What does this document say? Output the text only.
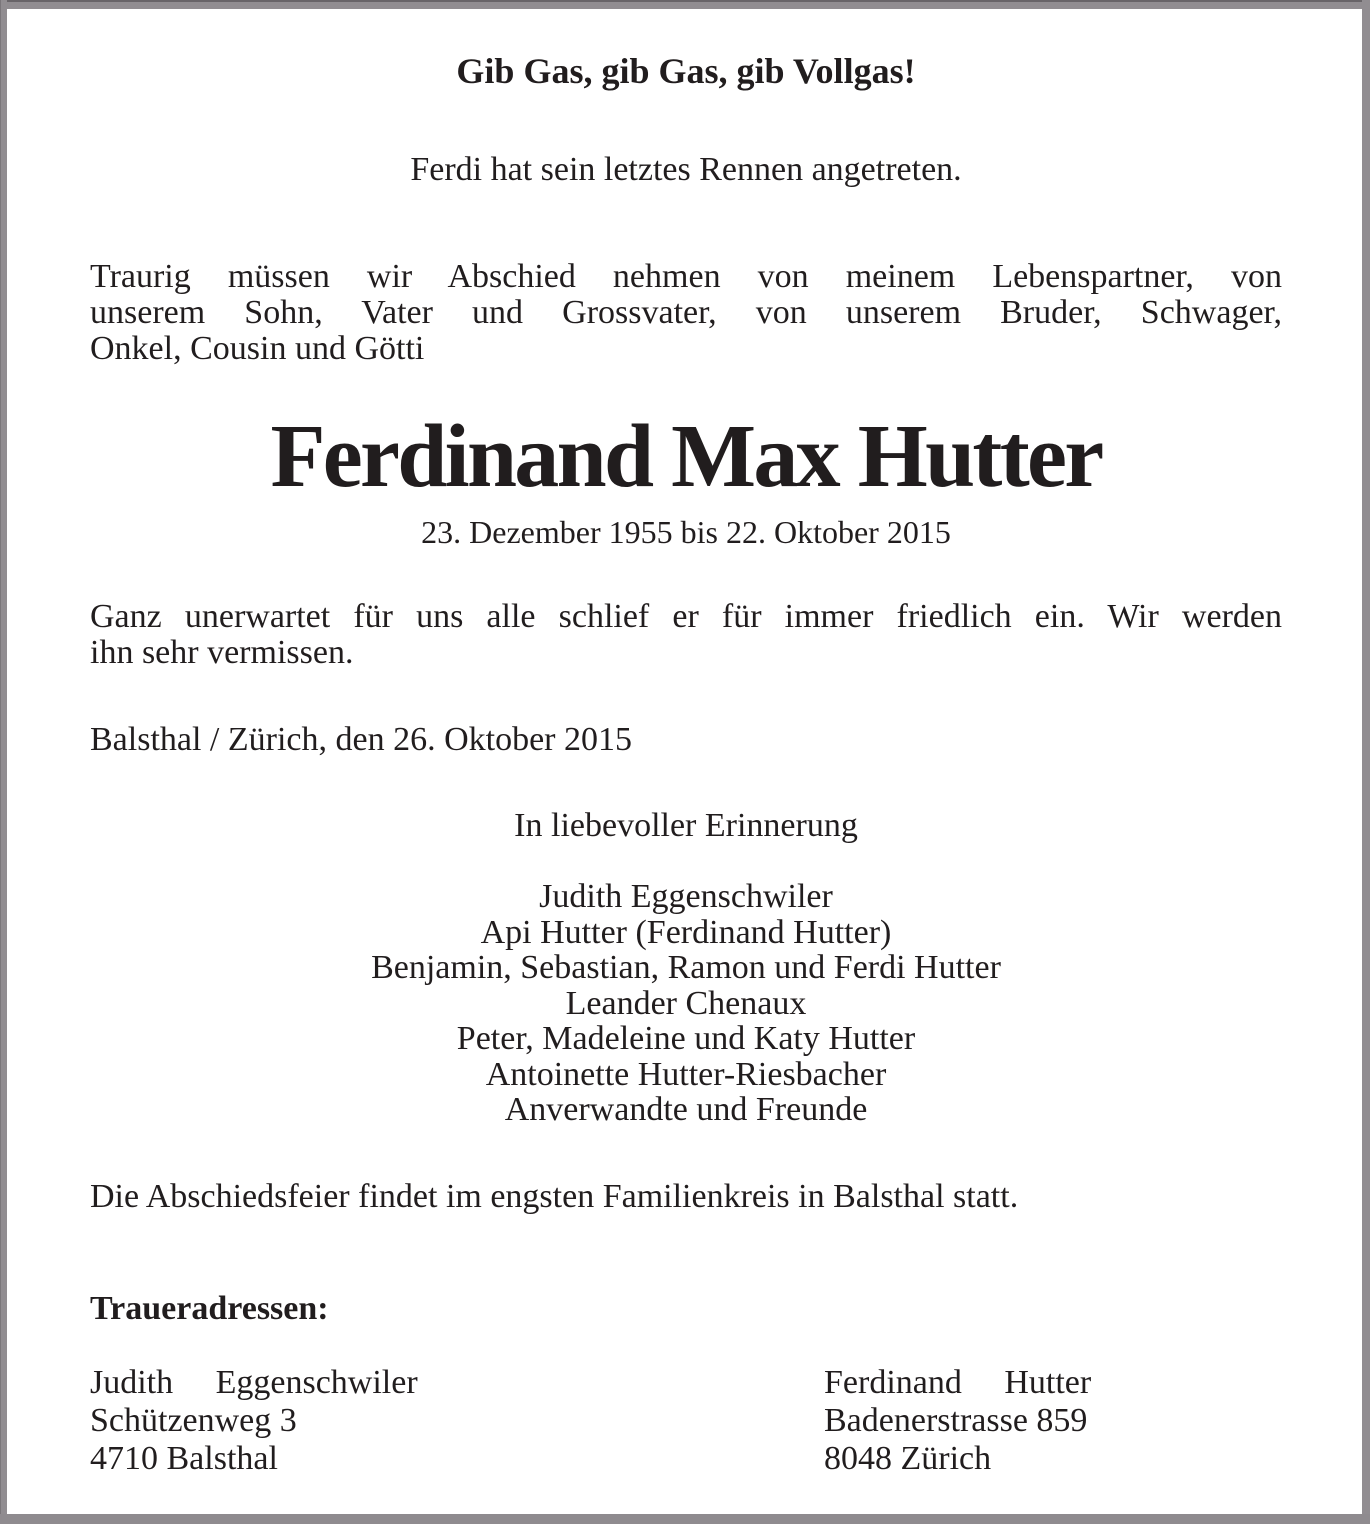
Gib Gas, gib Gas, gib Vollgas!
Ferdi hat sein letztes Rennen angetreten.
Traurig müssen wir Abschied nehmen von meinem Lebenspartner, von
unserem Sohn, Vater und Grossvater, von unserem Bruder, Schwager,
Onkel, Cousin und Götti
Ferdinand Max Hutter
23. Dezember 1955 bis 22. Oktober 2015
Ganz unerwartet für uns alle schlief er für immer friedlich ein. Wir werden
ihn sehr vermissen.
Balsthal / Zürich, den 26. Oktober 2015
In liebevoller Erinnerung
Judith Eggenschwiler
Api Hutter (Ferdinand Hutter)
Benjamin, Sebastian, Ramon und Ferdi Hutter
Leander Chenaux
Peter, Madeleine und Katy Hutter
Antoinette Hutter-Riesbacher
Anverwandte und Freunde
Die Abschiedsfeier findet im engsten Familienkreis in Balsthal statt.
Traueradressen:
Judith Eggenschwiler
Schützenweg 3
4710 Balsthal
Ferdinand Hutter
Badenerstrasse 859
8048 Zürich
